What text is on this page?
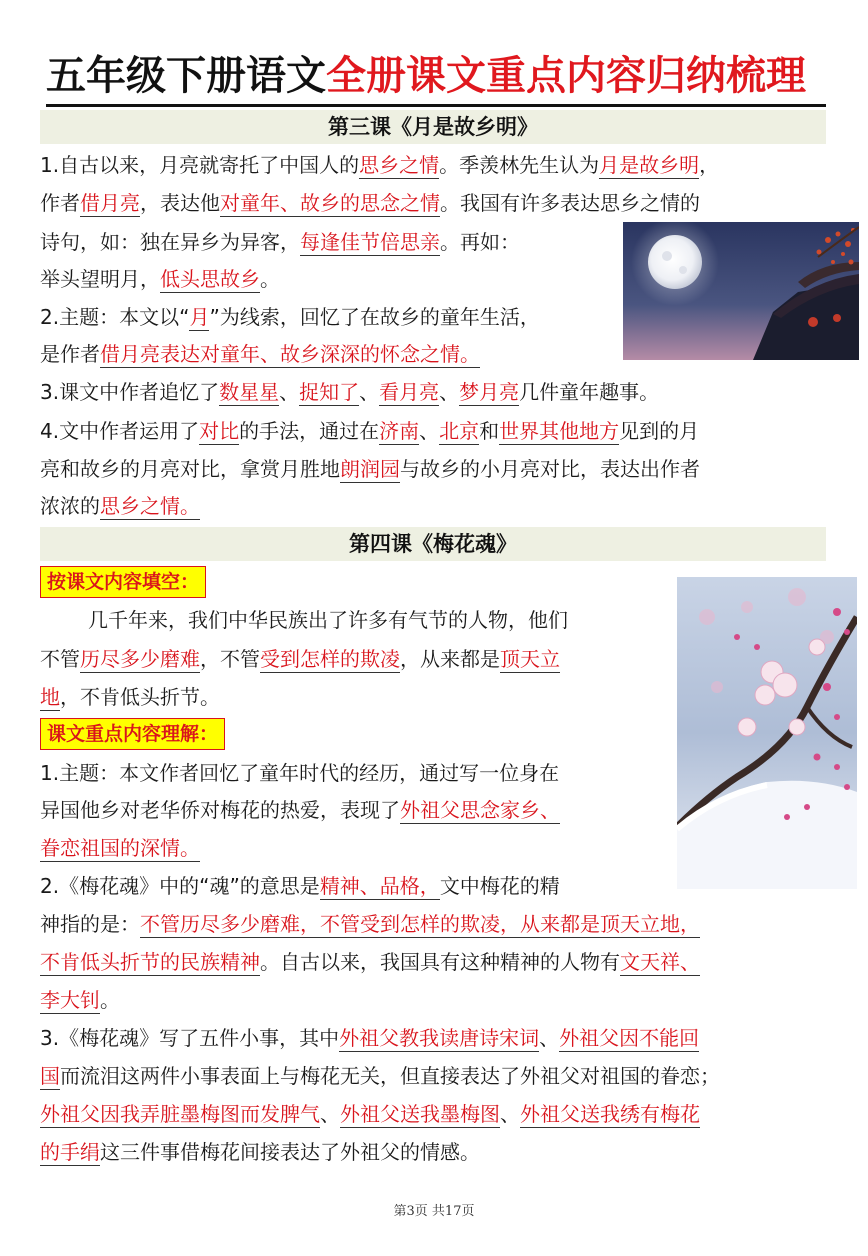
五年级下册语文全册课文重点内容归纳梳理
第三课《月是故乡明》
1.自古以来，月亮就寄托了中国人的思乡之情。季羡林先生认为月是故乡明，
作者借月亮，表达他对童年、故乡的思念之情。我国有许多表达思乡之情的
诗句，如：独在异乡为异客，每逢佳节倍思亲。再如：
举头望明月，低头思故乡。
2.主题：本文以“月”为线索，回忆了在故乡的童年生活，
是作者借月亮表达对童年、故乡深深的怀念之情。
3.课文中作者追忆了数星星、捉知了、看月亮、梦月亮几件童年趣事。
4.文中作者运用了对比的手法，通过在济南、北京和世界其他地方见到的月
亮和故乡的月亮对比，拿赏月胜地朗润园与故乡的小月亮对比，表达出作者
浓浓的思乡之情。
第四课《梅花魂》
按课文内容填空：
几千年来，我们中华民族出了许多有气节的人物，他们
不管历尽多少磨难，不管受到怎样的欺凌，从来都是顶天立
地，不肯低头折节。
课文重点内容理解：
1.主题：本文作者回忆了童年时代的经历，通过写一位身在
异国他乡对老华侨对梅花的热爱，表现了外祖父思念家乡、
眷恋祖国的深情。
2.《梅花魂》中的“魂”的意思是精神、品格，文中梅花的精
神指的是：不管历尽多少磨难，不管受到怎样的欺凌，从来都是顶天立地，
不肯低头折节的民族精神。自古以来，我国具有这种精神的人物有文天祥、
李大钊。
3.《梅花魂》写了五件小事，其中外祖父教我读唐诗宋词、外祖父因不能回
国而流泪这两件小事表面上与梅花无关，但直接表达了外祖父对祖国的眷恋；
外祖父因我弄脏墨梅图而发脾气、外祖父送我墨梅图、外祖父送我绣有梅花
的手绢这三件事借梅花间接表达了外祖父的情感。
第3页 共17页
